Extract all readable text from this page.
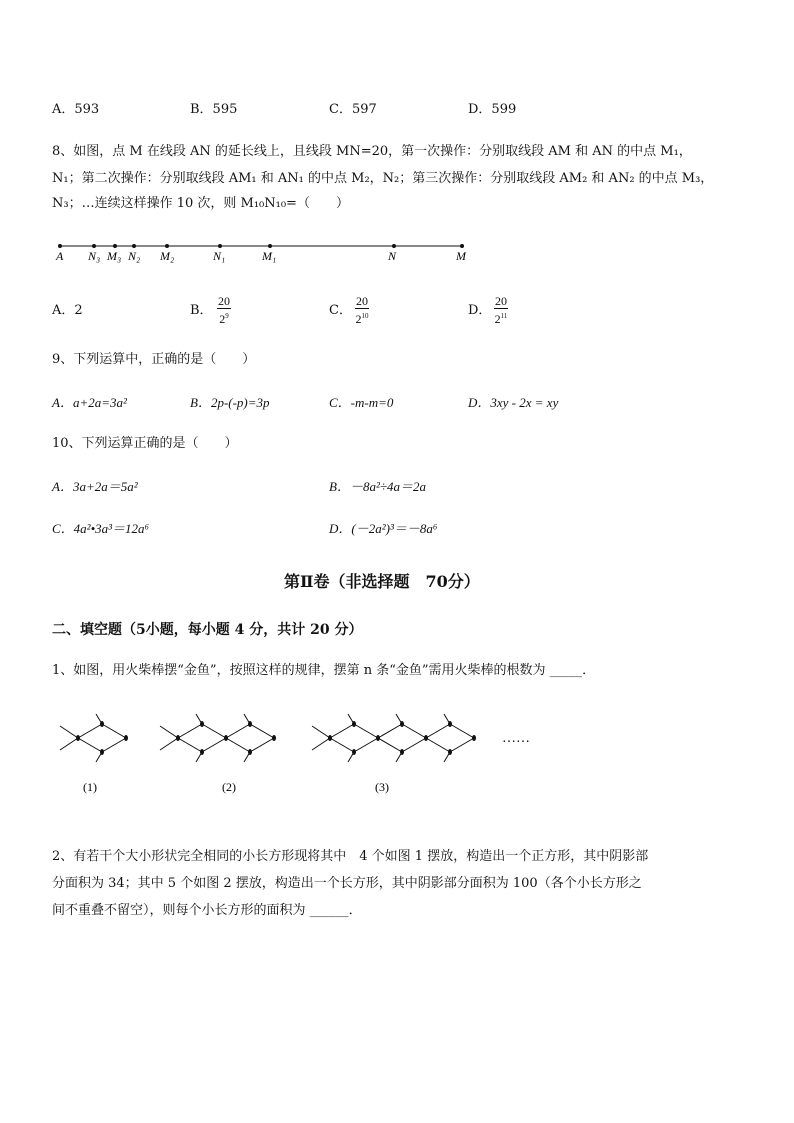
A．593	B．595	C．597	D．599
8、如图，点 M 在线段 AN 的延长线上，且线段 MN=20，第一次操作：分别取线段 AM 和 AN 的中点 M₁，
N₁；第二次操作：分别取线段 AM₁ 和 AN₁ 的中点 M₂，N₂；第三次操作：分别取线段 AM₂ 和 AN₂ 的中点 M₃，
N₃；…连续这样操作 10 次，则 M₁₀N₁₀=（　　）
A N₃ M₃ N₂ M₂	N₁	M₁	N	M
A．2	B． $\frac{20}{2^9}$	C． $\frac{20}{2^{10}}$	D． $\frac{20}{2^{11}}$
9、下列运算中，正确的是（　　）
A．a+2a=3a²	B．2p-(-p)=3p	C．-m-m=0	D．3xy - 2x = xy
10、下列运算正确的是（　　）
A．3a+2a＝5a²	B．－8a²÷4a＝2a
C．4a²•3a³＝12a⁶	D．(－2a²)³＝－8a⁶
第Ⅱ卷（非选择题　70分）
二、填空题（5小题，每小题 4 分，共计 20 分）
1、如图，用火柴棒摆“金鱼”，按照这样的规律，摆第 n 条“金鱼”需用火柴棒的根数为 _____．
(1)	(2)	(3)
……
2、有若干个大小形状完全相同的小长方形现将其中　4 个如图 1 摆放，构造出一个正方形，其中阴影部
分面积为 34；其中 5 个如图 2 摆放，构造出一个长方形，其中阴影部分面积为 100（各个小长方形之
间不重叠不留空），则每个小长方形的面积为 ______．
